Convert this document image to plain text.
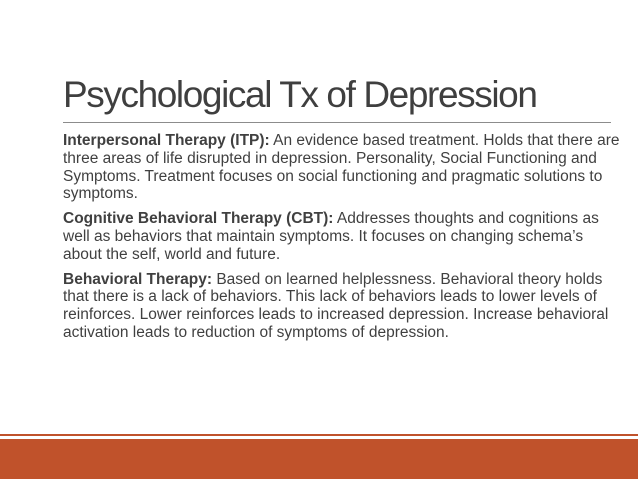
Psychological Tx of Depression

Interpersonal Therapy (ITP): An evidence based treatment. Holds that there are three areas of life disrupted in depression. Personality, Social Functioning and Symptoms. Treatment focuses on social functioning and pragmatic solutions to symptoms.

Cognitive Behavioral Therapy (CBT): Addresses thoughts and cognitions as well as behaviors that maintain symptoms. It focuses on changing schema’s about the self, world and future.

Behavioral Therapy: Based on learned helplessness. Behavioral theory holds that there is a lack of behaviors. This lack of behaviors leads to lower levels of reinforces. Lower reinforces leads to increased depression. Increase behavioral activation leads to reduction of symptoms of depression.
